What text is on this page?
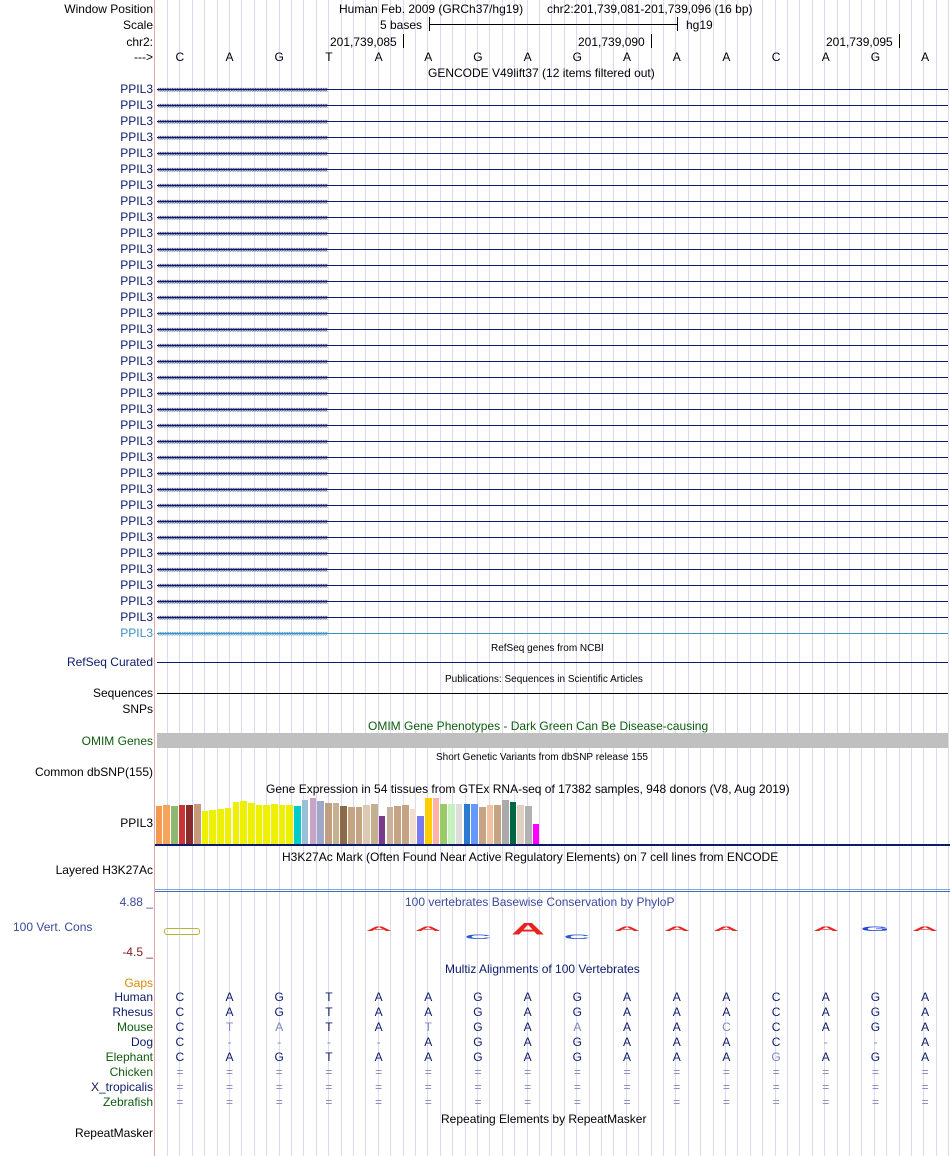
Window Position	Human Feb. 2009 (GRCh37/hg19) chr2:201,739,081-201,739,096 (16 bp)
Scale	5 bases	hg19
chr2:	201,739,085	201,739,090	201,739,095
---> C	A	G	T	A	A	G	A	G	A	A	A	C	A	G	A
GENCODE V49lift37 (12 items filtered out)
PPIL3 ‹‹‹‹‹‹‹‹‹‹‹‹‹‹‹‹‹‹‹‹‹‹‹‹‹‹‹‹‹‹‹‹‹‹‹‹‹‹‹‹‹‹‹‹‹‹‹‹‹‹‹‹‹‹‹‹‹‹‹‹‹‹‹‹‹‹‹‹‹‹‹‹‹‹‹‹‹‹‹‹‹‹‹‹‹‹‹‹‹‹‹‹‹‹‹‹‹‹‹‹
PPIL3 ‹‹‹‹‹‹‹‹‹‹‹‹‹‹‹‹‹‹‹‹‹‹‹‹‹‹‹‹‹‹‹‹‹‹‹‹‹‹‹‹‹‹‹‹‹‹‹‹‹‹‹‹‹‹‹‹‹‹‹‹‹‹‹‹‹‹‹‹‹‹‹‹‹‹‹‹‹‹‹‹‹‹‹‹‹‹‹‹‹‹‹‹‹‹‹‹‹‹‹‹
PPIL3 ‹‹‹‹‹‹‹‹‹‹‹‹‹‹‹‹‹‹‹‹‹‹‹‹‹‹‹‹‹‹‹‹‹‹‹‹‹‹‹‹‹‹‹‹‹‹‹‹‹‹‹‹‹‹‹‹‹‹‹‹‹‹‹‹‹‹‹‹‹‹‹‹‹‹‹‹‹‹‹‹‹‹‹‹‹‹‹‹‹‹‹‹‹‹‹‹‹‹‹‹
PPIL3 ‹‹‹‹‹‹‹‹‹‹‹‹‹‹‹‹‹‹‹‹‹‹‹‹‹‹‹‹‹‹‹‹‹‹‹‹‹‹‹‹‹‹‹‹‹‹‹‹‹‹‹‹‹‹‹‹‹‹‹‹‹‹‹‹‹‹‹‹‹‹‹‹‹‹‹‹‹‹‹‹‹‹‹‹‹‹‹‹‹‹‹‹‹‹‹‹‹‹‹‹
PPIL3 ‹‹‹‹‹‹‹‹‹‹‹‹‹‹‹‹‹‹‹‹‹‹‹‹‹‹‹‹‹‹‹‹‹‹‹‹‹‹‹‹‹‹‹‹‹‹‹‹‹‹‹‹‹‹‹‹‹‹‹‹‹‹‹‹‹‹‹‹‹‹‹‹‹‹‹‹‹‹‹‹‹‹‹‹‹‹‹‹‹‹‹‹‹‹‹‹‹‹‹‹
PPIL3 ‹‹‹‹‹‹‹‹‹‹‹‹‹‹‹‹‹‹‹‹‹‹‹‹‹‹‹‹‹‹‹‹‹‹‹‹‹‹‹‹‹‹‹‹‹‹‹‹‹‹‹‹‹‹‹‹‹‹‹‹‹‹‹‹‹‹‹‹‹‹‹‹‹‹‹‹‹‹‹‹‹‹‹‹‹‹‹‹‹‹‹‹‹‹‹‹‹‹‹‹
PPIL3 ‹‹‹‹‹‹‹‹‹‹‹‹‹‹‹‹‹‹‹‹‹‹‹‹‹‹‹‹‹‹‹‹‹‹‹‹‹‹‹‹‹‹‹‹‹‹‹‹‹‹‹‹‹‹‹‹‹‹‹‹‹‹‹‹‹‹‹‹‹‹‹‹‹‹‹‹‹‹‹‹‹‹‹‹‹‹‹‹‹‹‹‹‹‹‹‹‹‹‹‹
PPIL3 ‹‹‹‹‹‹‹‹‹‹‹‹‹‹‹‹‹‹‹‹‹‹‹‹‹‹‹‹‹‹‹‹‹‹‹‹‹‹‹‹‹‹‹‹‹‹‹‹‹‹‹‹‹‹‹‹‹‹‹‹‹‹‹‹‹‹‹‹‹‹‹‹‹‹‹‹‹‹‹‹‹‹‹‹‹‹‹‹‹‹‹‹‹‹‹‹‹‹‹‹
PPIL3 ‹‹‹‹‹‹‹‹‹‹‹‹‹‹‹‹‹‹‹‹‹‹‹‹‹‹‹‹‹‹‹‹‹‹‹‹‹‹‹‹‹‹‹‹‹‹‹‹‹‹‹‹‹‹‹‹‹‹‹‹‹‹‹‹‹‹‹‹‹‹‹‹‹‹‹‹‹‹‹‹‹‹‹‹‹‹‹‹‹‹‹‹‹‹‹‹‹‹‹‹
PPIL3 ‹‹‹‹‹‹‹‹‹‹‹‹‹‹‹‹‹‹‹‹‹‹‹‹‹‹‹‹‹‹‹‹‹‹‹‹‹‹‹‹‹‹‹‹‹‹‹‹‹‹‹‹‹‹‹‹‹‹‹‹‹‹‹‹‹‹‹‹‹‹‹‹‹‹‹‹‹‹‹‹‹‹‹‹‹‹‹‹‹‹‹‹‹‹‹‹‹‹‹‹
PPIL3 ‹‹‹‹‹‹‹‹‹‹‹‹‹‹‹‹‹‹‹‹‹‹‹‹‹‹‹‹‹‹‹‹‹‹‹‹‹‹‹‹‹‹‹‹‹‹‹‹‹‹‹‹‹‹‹‹‹‹‹‹‹‹‹‹‹‹‹‹‹‹‹‹‹‹‹‹‹‹‹‹‹‹‹‹‹‹‹‹‹‹‹‹‹‹‹‹‹‹‹‹
PPIL3 ‹‹‹‹‹‹‹‹‹‹‹‹‹‹‹‹‹‹‹‹‹‹‹‹‹‹‹‹‹‹‹‹‹‹‹‹‹‹‹‹‹‹‹‹‹‹‹‹‹‹‹‹‹‹‹‹‹‹‹‹‹‹‹‹‹‹‹‹‹‹‹‹‹‹‹‹‹‹‹‹‹‹‹‹‹‹‹‹‹‹‹‹‹‹‹‹‹‹‹‹
PPIL3 ‹‹‹‹‹‹‹‹‹‹‹‹‹‹‹‹‹‹‹‹‹‹‹‹‹‹‹‹‹‹‹‹‹‹‹‹‹‹‹‹‹‹‹‹‹‹‹‹‹‹‹‹‹‹‹‹‹‹‹‹‹‹‹‹‹‹‹‹‹‹‹‹‹‹‹‹‹‹‹‹‹‹‹‹‹‹‹‹‹‹‹‹‹‹‹‹‹‹‹‹
PPIL3 ‹‹‹‹‹‹‹‹‹‹‹‹‹‹‹‹‹‹‹‹‹‹‹‹‹‹‹‹‹‹‹‹‹‹‹‹‹‹‹‹‹‹‹‹‹‹‹‹‹‹‹‹‹‹‹‹‹‹‹‹‹‹‹‹‹‹‹‹‹‹‹‹‹‹‹‹‹‹‹‹‹‹‹‹‹‹‹‹‹‹‹‹‹‹‹‹‹‹‹‹
PPIL3 ‹‹‹‹‹‹‹‹‹‹‹‹‹‹‹‹‹‹‹‹‹‹‹‹‹‹‹‹‹‹‹‹‹‹‹‹‹‹‹‹‹‹‹‹‹‹‹‹‹‹‹‹‹‹‹‹‹‹‹‹‹‹‹‹‹‹‹‹‹‹‹‹‹‹‹‹‹‹‹‹‹‹‹‹‹‹‹‹‹‹‹‹‹‹‹‹‹‹‹‹
PPIL3 ‹‹‹‹‹‹‹‹‹‹‹‹‹‹‹‹‹‹‹‹‹‹‹‹‹‹‹‹‹‹‹‹‹‹‹‹‹‹‹‹‹‹‹‹‹‹‹‹‹‹‹‹‹‹‹‹‹‹‹‹‹‹‹‹‹‹‹‹‹‹‹‹‹‹‹‹‹‹‹‹‹‹‹‹‹‹‹‹‹‹‹‹‹‹‹‹‹‹‹‹
PPIL3 ‹‹‹‹‹‹‹‹‹‹‹‹‹‹‹‹‹‹‹‹‹‹‹‹‹‹‹‹‹‹‹‹‹‹‹‹‹‹‹‹‹‹‹‹‹‹‹‹‹‹‹‹‹‹‹‹‹‹‹‹‹‹‹‹‹‹‹‹‹‹‹‹‹‹‹‹‹‹‹‹‹‹‹‹‹‹‹‹‹‹‹‹‹‹‹‹‹‹‹‹
PPIL3 ‹‹‹‹‹‹‹‹‹‹‹‹‹‹‹‹‹‹‹‹‹‹‹‹‹‹‹‹‹‹‹‹‹‹‹‹‹‹‹‹‹‹‹‹‹‹‹‹‹‹‹‹‹‹‹‹‹‹‹‹‹‹‹‹‹‹‹‹‹‹‹‹‹‹‹‹‹‹‹‹‹‹‹‹‹‹‹‹‹‹‹‹‹‹‹‹‹‹‹‹
PPIL3 ‹‹‹‹‹‹‹‹‹‹‹‹‹‹‹‹‹‹‹‹‹‹‹‹‹‹‹‹‹‹‹‹‹‹‹‹‹‹‹‹‹‹‹‹‹‹‹‹‹‹‹‹‹‹‹‹‹‹‹‹‹‹‹‹‹‹‹‹‹‹‹‹‹‹‹‹‹‹‹‹‹‹‹‹‹‹‹‹‹‹‹‹‹‹‹‹‹‹‹‹
PPIL3 ‹‹‹‹‹‹‹‹‹‹‹‹‹‹‹‹‹‹‹‹‹‹‹‹‹‹‹‹‹‹‹‹‹‹‹‹‹‹‹‹‹‹‹‹‹‹‹‹‹‹‹‹‹‹‹‹‹‹‹‹‹‹‹‹‹‹‹‹‹‹‹‹‹‹‹‹‹‹‹‹‹‹‹‹‹‹‹‹‹‹‹‹‹‹‹‹‹‹‹‹
PPIL3 ‹‹‹‹‹‹‹‹‹‹‹‹‹‹‹‹‹‹‹‹‹‹‹‹‹‹‹‹‹‹‹‹‹‹‹‹‹‹‹‹‹‹‹‹‹‹‹‹‹‹‹‹‹‹‹‹‹‹‹‹‹‹‹‹‹‹‹‹‹‹‹‹‹‹‹‹‹‹‹‹‹‹‹‹‹‹‹‹‹‹‹‹‹‹‹‹‹‹‹‹
PPIL3 ‹‹‹‹‹‹‹‹‹‹‹‹‹‹‹‹‹‹‹‹‹‹‹‹‹‹‹‹‹‹‹‹‹‹‹‹‹‹‹‹‹‹‹‹‹‹‹‹‹‹‹‹‹‹‹‹‹‹‹‹‹‹‹‹‹‹‹‹‹‹‹‹‹‹‹‹‹‹‹‹‹‹‹‹‹‹‹‹‹‹‹‹‹‹‹‹‹‹‹‹
PPIL3 ‹‹‹‹‹‹‹‹‹‹‹‹‹‹‹‹‹‹‹‹‹‹‹‹‹‹‹‹‹‹‹‹‹‹‹‹‹‹‹‹‹‹‹‹‹‹‹‹‹‹‹‹‹‹‹‹‹‹‹‹‹‹‹‹‹‹‹‹‹‹‹‹‹‹‹‹‹‹‹‹‹‹‹‹‹‹‹‹‹‹‹‹‹‹‹‹‹‹‹‹
PPIL3 ‹‹‹‹‹‹‹‹‹‹‹‹‹‹‹‹‹‹‹‹‹‹‹‹‹‹‹‹‹‹‹‹‹‹‹‹‹‹‹‹‹‹‹‹‹‹‹‹‹‹‹‹‹‹‹‹‹‹‹‹‹‹‹‹‹‹‹‹‹‹‹‹‹‹‹‹‹‹‹‹‹‹‹‹‹‹‹‹‹‹‹‹‹‹‹‹‹‹‹‹
PPIL3 ‹‹‹‹‹‹‹‹‹‹‹‹‹‹‹‹‹‹‹‹‹‹‹‹‹‹‹‹‹‹‹‹‹‹‹‹‹‹‹‹‹‹‹‹‹‹‹‹‹‹‹‹‹‹‹‹‹‹‹‹‹‹‹‹‹‹‹‹‹‹‹‹‹‹‹‹‹‹‹‹‹‹‹‹‹‹‹‹‹‹‹‹‹‹‹‹‹‹‹‹
PPIL3 ‹‹‹‹‹‹‹‹‹‹‹‹‹‹‹‹‹‹‹‹‹‹‹‹‹‹‹‹‹‹‹‹‹‹‹‹‹‹‹‹‹‹‹‹‹‹‹‹‹‹‹‹‹‹‹‹‹‹‹‹‹‹‹‹‹‹‹‹‹‹‹‹‹‹‹‹‹‹‹‹‹‹‹‹‹‹‹‹‹‹‹‹‹‹‹‹‹‹‹‹
PPIL3 ‹‹‹‹‹‹‹‹‹‹‹‹‹‹‹‹‹‹‹‹‹‹‹‹‹‹‹‹‹‹‹‹‹‹‹‹‹‹‹‹‹‹‹‹‹‹‹‹‹‹‹‹‹‹‹‹‹‹‹‹‹‹‹‹‹‹‹‹‹‹‹‹‹‹‹‹‹‹‹‹‹‹‹‹‹‹‹‹‹‹‹‹‹‹‹‹‹‹‹‹
PPIL3 ‹‹‹‹‹‹‹‹‹‹‹‹‹‹‹‹‹‹‹‹‹‹‹‹‹‹‹‹‹‹‹‹‹‹‹‹‹‹‹‹‹‹‹‹‹‹‹‹‹‹‹‹‹‹‹‹‹‹‹‹‹‹‹‹‹‹‹‹‹‹‹‹‹‹‹‹‹‹‹‹‹‹‹‹‹‹‹‹‹‹‹‹‹‹‹‹‹‹‹‹
PPIL3 ‹‹‹‹‹‹‹‹‹‹‹‹‹‹‹‹‹‹‹‹‹‹‹‹‹‹‹‹‹‹‹‹‹‹‹‹‹‹‹‹‹‹‹‹‹‹‹‹‹‹‹‹‹‹‹‹‹‹‹‹‹‹‹‹‹‹‹‹‹‹‹‹‹‹‹‹‹‹‹‹‹‹‹‹‹‹‹‹‹‹‹‹‹‹‹‹‹‹‹‹
PPIL3 ‹‹‹‹‹‹‹‹‹‹‹‹‹‹‹‹‹‹‹‹‹‹‹‹‹‹‹‹‹‹‹‹‹‹‹‹‹‹‹‹‹‹‹‹‹‹‹‹‹‹‹‹‹‹‹‹‹‹‹‹‹‹‹‹‹‹‹‹‹‹‹‹‹‹‹‹‹‹‹‹‹‹‹‹‹‹‹‹‹‹‹‹‹‹‹‹‹‹‹‹
PPIL3 ‹‹‹‹‹‹‹‹‹‹‹‹‹‹‹‹‹‹‹‹‹‹‹‹‹‹‹‹‹‹‹‹‹‹‹‹‹‹‹‹‹‹‹‹‹‹‹‹‹‹‹‹‹‹‹‹‹‹‹‹‹‹‹‹‹‹‹‹‹‹‹‹‹‹‹‹‹‹‹‹‹‹‹‹‹‹‹‹‹‹‹‹‹‹‹‹‹‹‹‹
PPIL3 ‹‹‹‹‹‹‹‹‹‹‹‹‹‹‹‹‹‹‹‹‹‹‹‹‹‹‹‹‹‹‹‹‹‹‹‹‹‹‹‹‹‹‹‹‹‹‹‹‹‹‹‹‹‹‹‹‹‹‹‹‹‹‹‹‹‹‹‹‹‹‹‹‹‹‹‹‹‹‹‹‹‹‹‹‹‹‹‹‹‹‹‹‹‹‹‹‹‹‹‹
PPIL3 ‹‹‹‹‹‹‹‹‹‹‹‹‹‹‹‹‹‹‹‹‹‹‹‹‹‹‹‹‹‹‹‹‹‹‹‹‹‹‹‹‹‹‹‹‹‹‹‹‹‹‹‹‹‹‹‹‹‹‹‹‹‹‹‹‹‹‹‹‹‹‹‹‹‹‹‹‹‹‹‹‹‹‹‹‹‹‹‹‹‹‹‹‹‹‹‹‹‹‹‹
PPIL3 ‹‹‹‹‹‹‹‹‹‹‹‹‹‹‹‹‹‹‹‹‹‹‹‹‹‹‹‹‹‹‹‹‹‹‹‹‹‹‹‹‹‹‹‹‹‹‹‹‹‹‹‹‹‹‹‹‹‹‹‹‹‹‹‹‹‹‹‹‹‹‹‹‹‹‹‹‹‹‹‹‹‹‹‹‹‹‹‹‹‹‹‹‹‹‹‹‹‹‹‹
PPIL3 ‹‹‹‹‹‹‹‹‹‹‹‹‹‹‹‹‹‹‹‹‹‹‹‹‹‹‹‹‹‹‹‹‹‹‹‹‹‹‹‹‹‹‹‹‹‹‹‹‹‹‹‹‹‹‹‹‹‹‹‹‹‹‹‹‹‹‹‹‹‹‹‹‹‹‹‹‹‹‹‹‹‹‹‹‹‹‹‹‹‹‹‹‹‹‹‹‹‹‹‹
RefSeq genes from NCBI
RefSeq Curated
Publications: Sequences in Scientific Articles
Sequences
SNPs
OMIM Gene Phenotypes - Dark Green Can Be Disease-causing
OMIM Genes
Short Genetic Variants from dbSNP release 155
Common dbSNP(155)
Gene Expression in 54 tissues from GTEx RNA-seq of 17382 samples, 948 donors (V8, Aug 2019)
PPIL3
H3K27Ac Mark (Often Found Near Active Regulatory Elements) on 7 cell lines from ENCODE
Layered H3K27Ac
4.88 _	100 vertebrates Basewise Conservation by PhyloP
100 Vert. Cons
-4.5 _
A A
C A C
A A A	A G A
Multiz Alignments of 100 Vertebrates
Gaps
Human C	A	G	T	A	A	G	A	G	A	A	A	C	A	G	A
Rhesus C	A	G	T	A	A	G	A	G	A	A	A	C	A	G	A
Mouse C	T	A	T	A	T	G	A	A	A	A	C	C	A	G	A
Dog C	-	-	-	-	A	G	A	G	A	A	A	C	-	-	A
Elephant C	A	G	T	A	A	G	A	G	A	A	A	G	A	G	A
Chicken =	=	=	=	=	=	=	=	=	=	=	=	=	=	=	=
X_tropicalis =	=	=	=	=	=	=	=	=	=	=	=	=	=	=	=
Zebrafish =	=	=	=	=	=	=	=	=	=	=	=	=	=	=	=
Repeating Elements by RepeatMasker
RepeatMasker
